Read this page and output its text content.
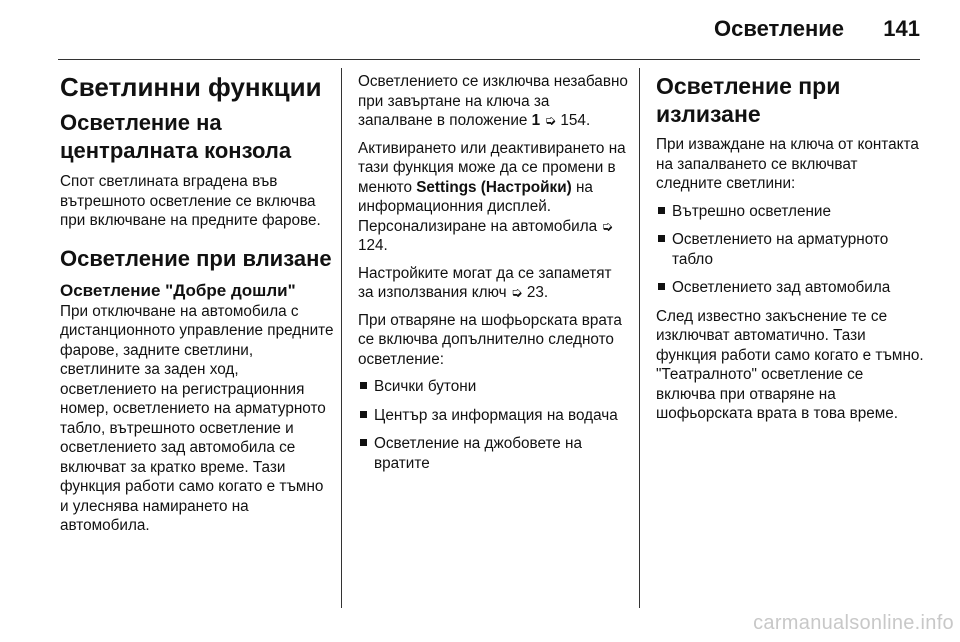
Осветление 141
Светлинни функции
Осветление на централната конзола

Спот светлината вградена във вътрешното осветление се включва при включване на предните фарове.

Осветление при влизане
Осветление "Добре дошли"

При отключване на автомобила с дистанционното управление предните фарове, задните светлини, светлините за заден ход, осветлението на регистрационния номер, осветлението на арматурното табло, вътрешното осветление и осветлението зад автомобила се включват за кратко време. Тази функция работи само когато е тъмно и улеснява намирането на автомобила.

Осветлението се изключва незабавно при завъртане на ключа за запалване в положение 1 ➭ 154.

Активирането или деактивирането на тази функция може да се промени в менюто Settings (Настройки) на информационния дисплей. Персонализиране на автомобила ➭ 124.

Настройките могат да се запаметят за използвания ключ ➭ 23.

При отваряне на шофьорската врата се включва допълнително следното осветление:

Всички бутони
Център за информация на водача
Осветление на джобовете на вратите
Осветление при излизане

При изваждане на ключа от контакта на запалването се включват следните светлини:

Вътрешно осветление
Осветлението на арматурното табло
Осветлението зад автомобила

След известно закъснение те се изключват автоматично. Тази функция работи само когато е тъмно. "Театралното" осветление се включва при отваряне на шофьорската врата в това време.

carmanualsonline.info
